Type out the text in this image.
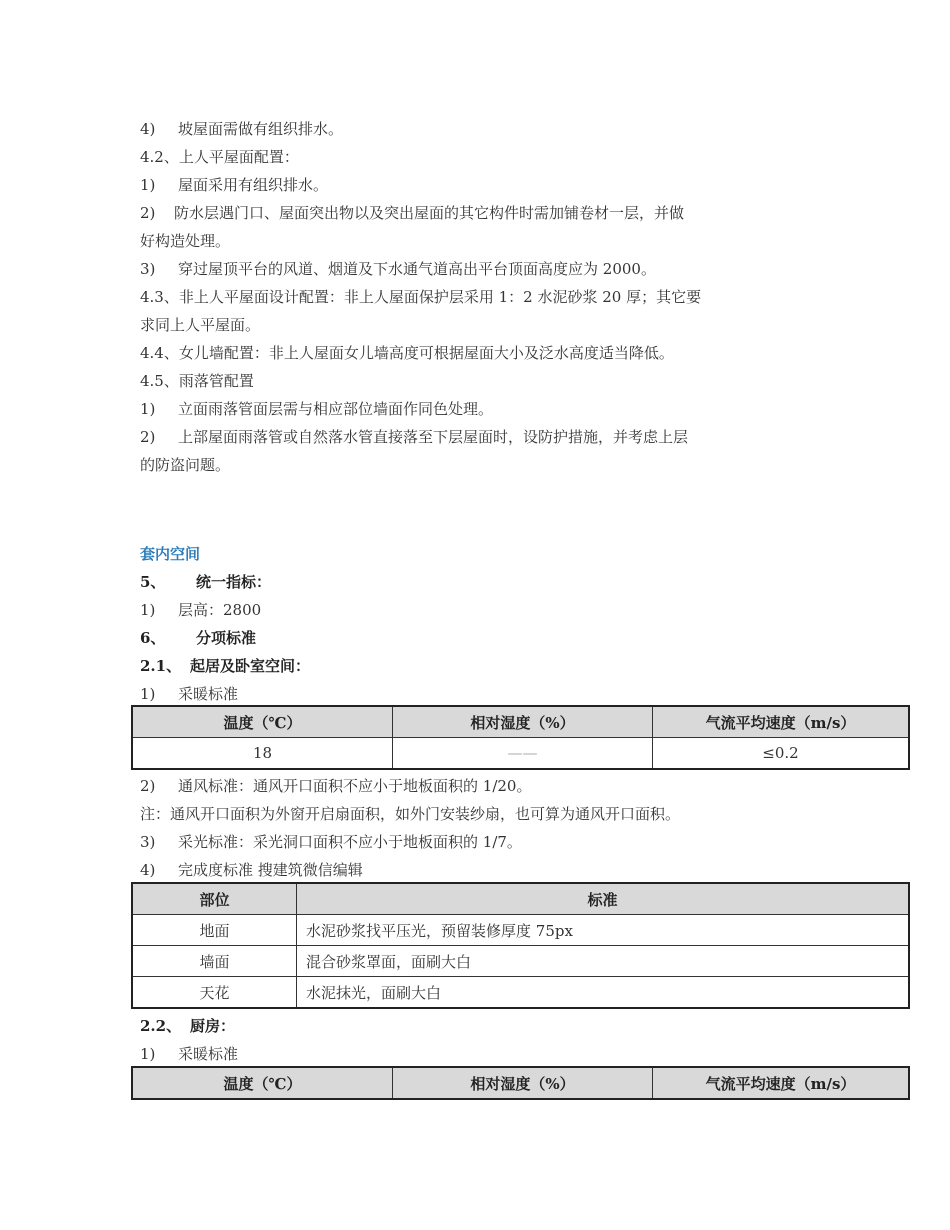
4) 坡屋面需做有组织排水。
4.2、上人平屋面配置：
1) 屋面采用有组织排水。
2) 防水层遇门口、屋面突出物以及突出屋面的其它构件时需加铺卷材一层，并做
好构造处理。
3) 穿过屋顶平台的风道、烟道及下水通气道高出平台顶面高度应为 2000。
4.3、非上人平屋面设计配置：非上人屋面保护层采用 1：2 水泥砂浆 20 厚；其它要
求同上人平屋面。
4.4、女儿墙配置：非上人屋面女儿墙高度可根据屋面大小及泛水高度适当降低。
4.5、雨落管配置
1) 立面雨落管面层需与相应部位墙面作同色处理。
2) 上部屋面雨落管或自然落水管直接落至下层屋面时，设防护措施，并考虑上层
的防盗问题。
套内空间
5、 统一指标：
1) 层高：2800
6、 分项标准
2.1、 起居及卧室空间：
1) 采暖标准
温度（℃）	相对湿度（%）	气流平均速度（m/s）
18	——	≤0.2
2) 通风标准：通风开口面积不应小于地板面积的 1/20。
注：通风开口面积为外窗开启扇面积，如外门安装纱扇，也可算为通风开口面积。
3) 采光标准：采光洞口面积不应小于地板面积的 1/7。
4) 完成度标准 搜建筑微信编辑
部位	标准
地面	水泥砂浆找平压光，预留装修厚度 75px
墙面	混合砂浆罩面，面刷大白
天花	水泥抹光，面刷大白
2.2、 厨房：
1) 采暖标准
温度（℃）	相对湿度（%）	气流平均速度（m/s）
